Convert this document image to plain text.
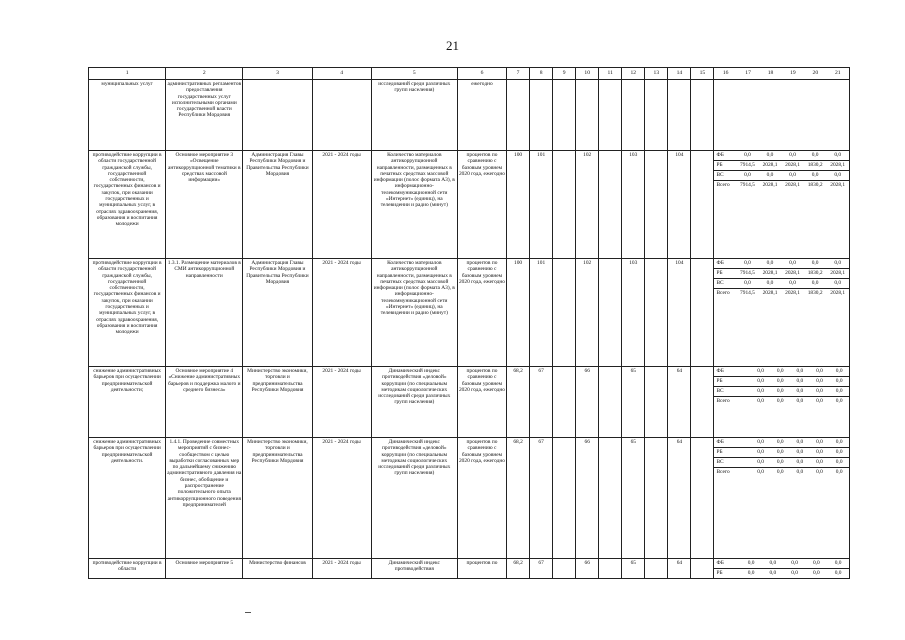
21
1	2	3	4	5	6	7	8	9	10	11	12	13	14	15		16	17	18	19	20	21

муниципальных услуг	административных регламентов предоставления государственных услуг исполнительными органами государственной власти Республики Мордовия			исследований среди различных групп населения)	ежегодно										

противодействие коррупции в области государственной гражданской службы, государственной собственности, государственных финансов и закупок, при оказании государственных и муниципальных услуг, в отраслях здравоохранения, образования и воспитания молодежи	Основное мероприятие 3 «Освещение антикоррупционной тематики в средствах массовой информации»	Администрация Главы Республики Мордовия и Правительства Республики Мордовия	2021 - 2024 годы	Количество материалов антикоррупционной направленности, размещенных в печатных средствах массовой информации (полос формата А3), в информационно-телекоммуникационной сети «Интернет» (единиц), на телевидении и радио (минут)	процентов по сравнению с базовым уровнем 2020 года, ежегодно	100	101		102		103		104			ФБ	0,0	0,0	0,0	0,0	0,0
РБ	7914,5	2028,1	2028,1	1830,2	2028,1
ВС	0,0	0,0	0,0	0,0	0,0
Всего	7914,5	2028,1	2028,1	1830,2	2028,1

противодействие коррупции в области государственной гражданской службы, государственной собственности, государственных финансов и закупок, при оказании государственных и муниципальных услуг, в отраслях здравоохранения, образования и воспитания молодежи	1.3.1. Размещение материалов в СМИ антикоррупционной направленности	Администрация Главы Республики Мордовия и Правительства Республики Мордовия	2021 - 2024 годы	Количество материалов антикоррупционной направленности, размещенных в печатных средствах массовой информации (полос формата А3), в информационно-телекоммуникационной сети «Интернет» (единиц), на телевидении и радио (минут)	процентов по сравнению с базовым уровнем 2020 года, ежегодно	100	101		102		103		104			ФБ	0,0	0,0	0,0	0,0	0,0
РБ	7914,5	2028,1	2028,1	1830,2	2028,1
ВС	0,0	0,0	0,0	0,0	0,0
Всего	7914,5	2028,1	2028,1	1830,2	2028,1

снижение административных барьеров при осуществлении предпринимательской деятельности;	Основное мероприятие 4 «Снижение административных барьеров и поддержка малого и среднего бизнеса»	Министерство экономики, торговли и предпринимательства Республики Мордовия	2021 - 2024 годы	Динамический индекс противодействия «деловой» коррупции (по специальным методикам социологических исследований среди различных групп населения)	процентов по сравнению с базовым уровнем 2020 года, ежегодно	68,2	67		66		65		64			ФБ	0,0	0,0	0,0	0,0	0,0
РБ	0,0	0,0	0,0	0,0	0,0
ВС	0,0	0,0	0,0	0,0	0,0
Всего	0,0	0,0	0,0	0,0	0,0

снижение административных барьеров при осуществлении предпринимательской деятельности.	1.4.1. Проведение совместных мероприятий с бизнес-сообществом с целью выработки согласованных мер по дальнейшему снижению административного давления на бизнес, обобщение и распространение положительного опыта антикоррупционного поведения предпринимателей	Министерство экономики, торговли и предпринимательства Республики Мордовия	2021 - 2024 годы	Динамический индекс противодействия «деловой» коррупции (по специальным методикам социологических исследований среди различных групп населения)	процентов по сравнению с базовым уровнем 2020 года, ежегодно	68,2	67		66		65		64			ФБ	0,0	0,0	0,0	0,0	0,0
РБ	0,0	0,0	0,0	0,0	0,0
ВС	0,0	0,0	0,0	0,0	0,0
Всего	0,0	0,0	0,0	0,0	0,0

противодействие коррупции в области	Основное мероприятие 5	Министерство финансов	2021 - 2024 годы	Динамический индекс противодействия	процентов по	68,2	67		66		65		64			ФБ	0,0	0,0	0,0	0,0	0,0
РБ	0,0	0,0	0,0	0,0	0,0
